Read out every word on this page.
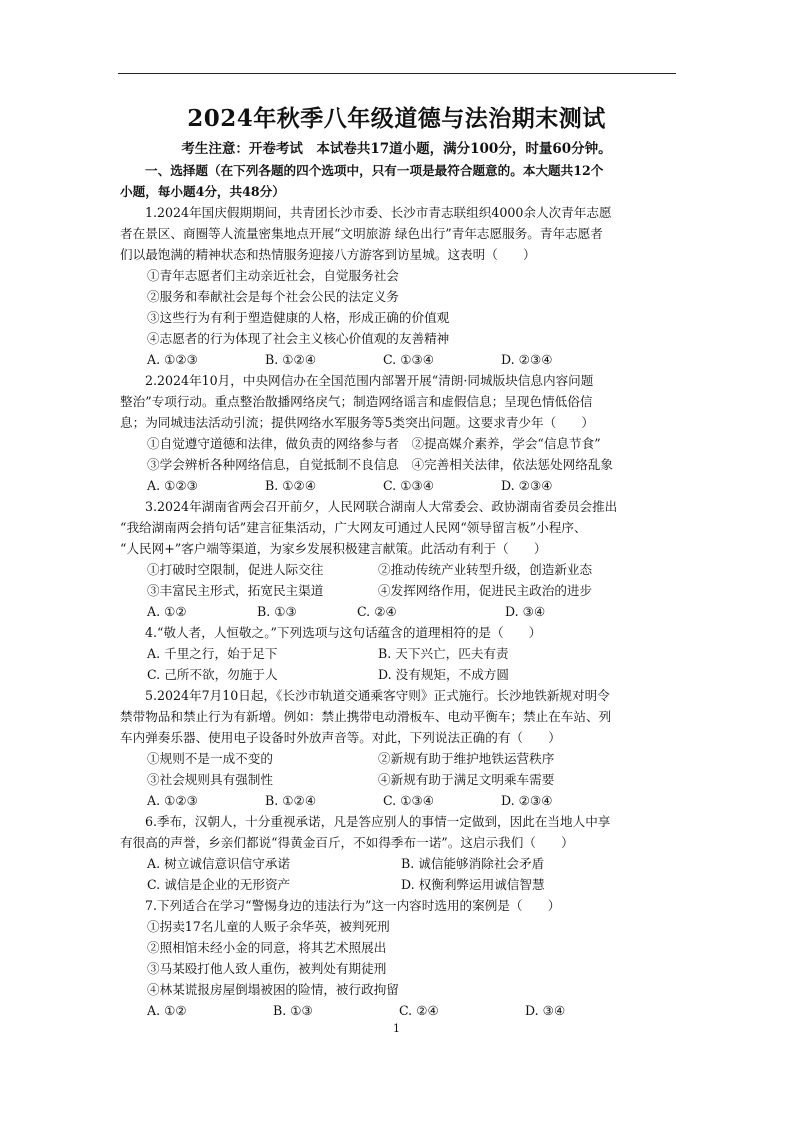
2024年秋季八年级道德与法治期末测试
考生注意：开卷考试　本试卷共17道小题，满分100分，时量60分钟。
一、选择题（在下列各题的四个选项中，只有一项是最符合题意的。本大题共12个
小题，每小题4分，共48分）
1.2024年国庆假期期间，共青团长沙市委、长沙市青志联组织4000余人次青年志愿
者在景区、商圈等人流量密集地点开展“文明旅游 绿色出行”青年志愿服务。青年志愿者
们以最饱满的精神状态和热情服务迎接八方游客到访星城。这表明（　　）
①青年志愿者们主动亲近社会，自觉服务社会
②服务和奉献社会是每个社会公民的法定义务
③这些行为有利于塑造健康的人格，形成正确的价值观
④志愿者的行为体现了社会主义核心价值观的友善精神
A. ①②③	B. ①②④	C. ①③④	D. ②③④
2.2024年10月，中央网信办在全国范围内部署开展“清朗·同城版块信息内容问题
整治”专项行动。重点整治散播网络戾气；制造网络谣言和虚假信息；呈现色情低俗信
息；为同城违法活动引流；提供网络水军服务等5类突出问题。这要求青少年（　　）
①自觉遵守道德和法律，做负责的网络参与者　②提高媒介素养，学会“信息节食”
③学会辨析各种网络信息，自觉抵制不良信息　④完善相关法律，依法惩处网络乱象
A. ①②③	B. ①②④	C. ①③④	D. ②③④
3.2024年湖南省两会召开前夕，人民网联合湖南人大常委会、政协湖南省委员会推出
“我给湖南两会捎句话”建言征集活动，广大网友可通过人民网“领导留言板”小程序、
“人民网+”客户端等渠道，为家乡发展积极建言献策。此活动有利于（　　）
①打破时空限制，促进人际交往	②推动传统产业转型升级，创造新业态
③丰富民主形式，拓宽民主渠道	④发挥网络作用，促进民主政治的进步
A. ①②	B. ①③	C. ②④	D. ③④
4.“敬人者，人恒敬之。”下列选项与这句话蕴含的道理相符的是（　　）
A. 千里之行，始于足下	B. 天下兴亡，匹夫有责
C. 己所不欲，勿施于人	D. 没有规矩，不成方圆
5.2024年7月10日起，《长沙市轨道交通乘客守则》正式施行。长沙地铁新规对明令
禁带物品和禁止行为有新增。例如：禁止携带电动滑板车、电动平衡车；禁止在车站、列
车内弹奏乐器、使用电子设备时外放声音等。对此，下列说法正确的有（　　）
①规则不是一成不变的	②新规有助于维护地铁运营秩序
③社会规则具有强制性	④新规有助于满足文明乘车需要
A. ①②③	B. ①②④	C. ①③④	D. ②③④
6.季布，汉朝人，十分重视承诺，凡是答应别人的事情一定做到，因此在当地人中享
有很高的声誉，乡亲们都说“得黄金百斤，不如得季布一诺”。这启示我们（　　）
A. 树立诚信意识信守承诺	B. 诚信能够消除社会矛盾
C. 诚信是企业的无形资产	D. 权衡利弊运用诚信智慧
7.下列适合在学习“警惕身边的违法行为”这一内容时选用的案例是（　　）
①拐卖17名儿童的人贩子余华英，被判死刑
②照相馆未经小金的同意，将其艺术照展出
③马某殴打他人致人重伤，被判处有期徒刑
④林某谎报房屋倒塌被困的险情，被行政拘留
A. ①②	B. ①③	C. ②④	D. ③④
1
